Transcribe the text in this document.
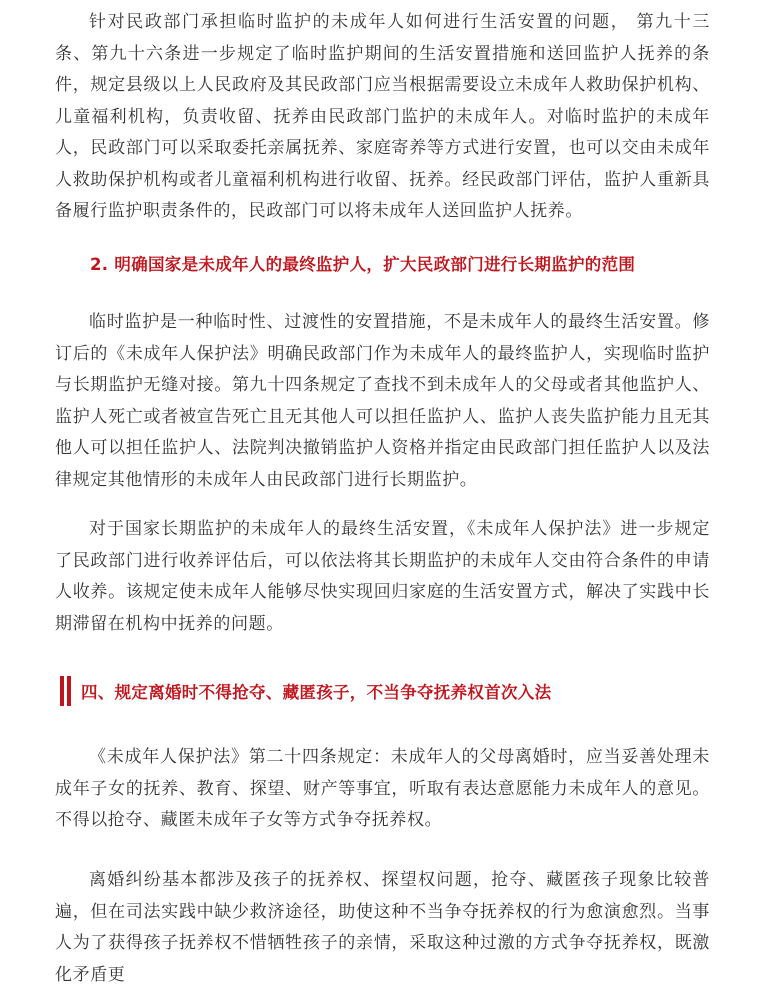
针对民政部门承担临时监护的未成年人如何进行生活安置的问题， 第九十三条、第九十六条进一步规定了临时监护期间的生活安置措施和送回监护人抚养的条件，规定县级以上人民政府及其民政部门应当根据需要设立未成年人救助保护机构、儿童福利机构，负责收留、抚养由民政部门监护的未成年人。对临时监护的未成年人，民政部门可以采取委托亲属抚养、家庭寄养等方式进行安置，也可以交由未成年人救助保护机构或者儿童福利机构进行收留、抚养。经民政部门评估，监护人重新具备履行监护职责条件的，民政部门可以将未成年人送回监护人抚养。

2. 明确国家是未成年人的最终监护人，扩大民政部门进行长期监护的范围

临时监护是一种临时性、过渡性的安置措施，不是未成年人的最终生活安置。修订后的《未成年人保护法》明确民政部门作为未成年人的最终监护人，实现临时监护与长期监护无缝对接。第九十四条规定了查找不到未成年人的父母或者其他监护人、监护人死亡或者被宣告死亡且无其他人可以担任监护人、监护人丧失监护能力且无其他人可以担任监护人、法院判决撤销监护人资格并指定由民政部门担任监护人以及法律规定其他情形的未成年人由民政部门进行长期监护。

对于国家长期监护的未成年人的最终生活安置，《未成年人保护法》进一步规定了民政部门进行收养评估后，可以依法将其长期监护的未成年人交由符合条件的申请人收养。该规定使未成年人能够尽快实现回归家庭的生活安置方式，解决了实践中长期滞留在机构中抚养的问题。

四、规定离婚时不得抢夺、藏匿孩子，不当争夺抚养权首次入法

《未成年人保护法》第二十四条规定：未成年人的父母离婚时，应当妥善处理未成年子女的抚养、教育、探望、财产等事宜，听取有表达意愿能力未成年人的意见。不得以抢夺、藏匿未成年子女等方式争夺抚养权。

离婚纠纷基本都涉及孩子的抚养权、探望权问题，抢夺、藏匿孩子现象比较普遍，但在司法实践中缺少救济途径，助使这种不当争夺抚养权的行为愈演愈烈。当事人为了获得孩子抚养权不惜牺牲孩子的亲情，采取这种过激的方式争夺抚养权，既激化矛盾更
